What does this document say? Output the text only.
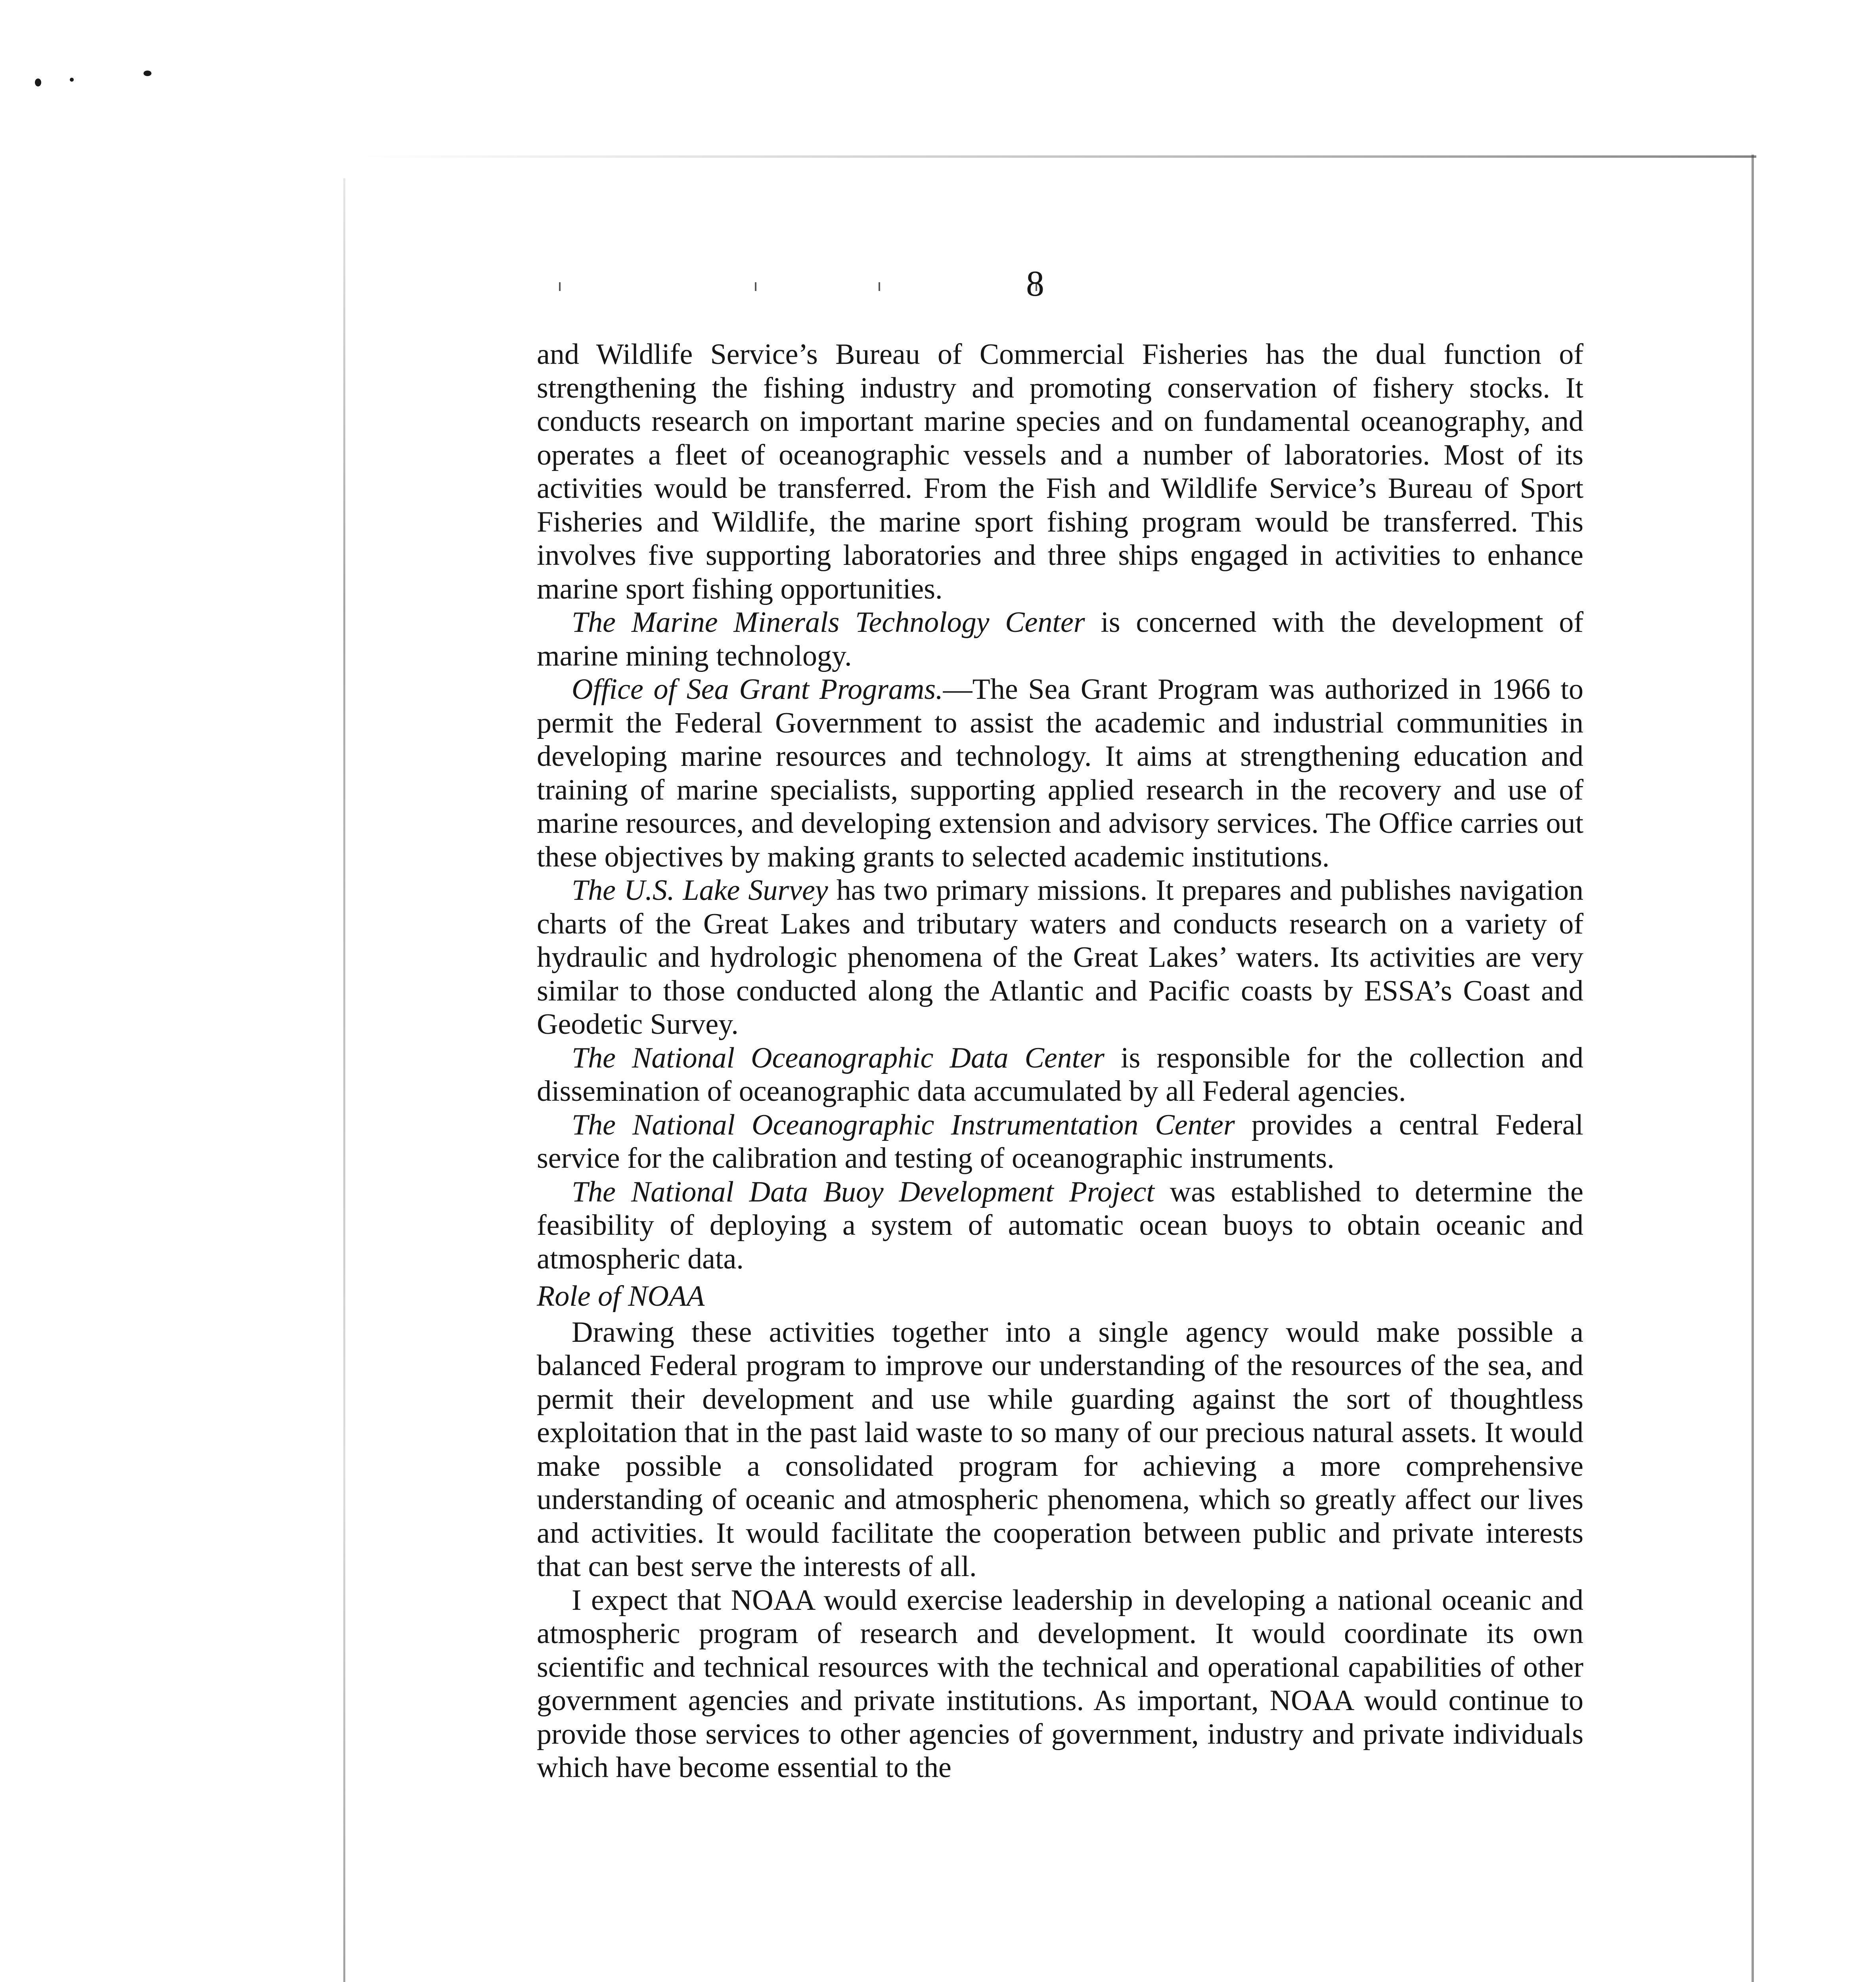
8

and Wildlife Service’s Bureau of Commercial Fisheries has the dual function of strengthening the fishing industry and promoting conservation of fishery stocks. It conducts research on important marine species and on fundamental oceanography, and operates a fleet of oceanographic vessels and a number of laboratories. Most of its activities would be transferred. From the Fish and Wildlife Service’s Bureau of Sport Fisheries and Wildlife, the marine sport fishing program would be transferred. This involves five supporting laboratories and three ships engaged in activities to enhance marine sport fishing opportunities.

The Marine Minerals Technology Center is concerned with the development of marine mining technology.

Office of Sea Grant Programs.—The Sea Grant Program was authorized in 1966 to permit the Federal Government to assist the academic and industrial communities in developing marine resources and technology. It aims at strengthening education and training of marine specialists, supporting applied research in the recovery and use of marine resources, and developing extension and advisory services. The Office carries out these objectives by making grants to selected academic institutions.

The U.S. Lake Survey has two primary missions. It prepares and publishes navigation charts of the Great Lakes and tributary waters and conducts research on a variety of hydraulic and hydrologic phenomena of the Great Lakes’ waters. Its activities are very similar to those conducted along the Atlantic and Pacific coasts by ESSA’s Coast and Geodetic Survey.

The National Oceanographic Data Center is responsible for the collection and dissemination of oceanographic data accumulated by all Federal agencies.

The National Oceanographic Instrumentation Center provides a central Federal service for the calibration and testing of oceanographic instruments.

The National Data Buoy Development Project was established to determine the feasibility of deploying a system of automatic ocean buoys to obtain oceanic and atmospheric data.

Role of NOAA

Drawing these activities together into a single agency would make possible a balanced Federal program to improve our understanding of the resources of the sea, and permit their development and use while guarding against the sort of thoughtless exploitation that in the past laid waste to so many of our precious natural assets. It would make possible a consolidated program for achieving a more comprehensive understanding of oceanic and atmospheric phenomena, which so greatly affect our lives and activities. It would facilitate the cooperation between public and private interests that can best serve the interests of all.

I expect that NOAA would exercise leadership in developing a national oceanic and atmospheric program of research and development. It would coordinate its own scientific and technical resources with the technical and operational capabilities of other government agencies and private institutions. As important, NOAA would continue to provide those services to other agencies of government, industry and private individuals which have become essential to the
